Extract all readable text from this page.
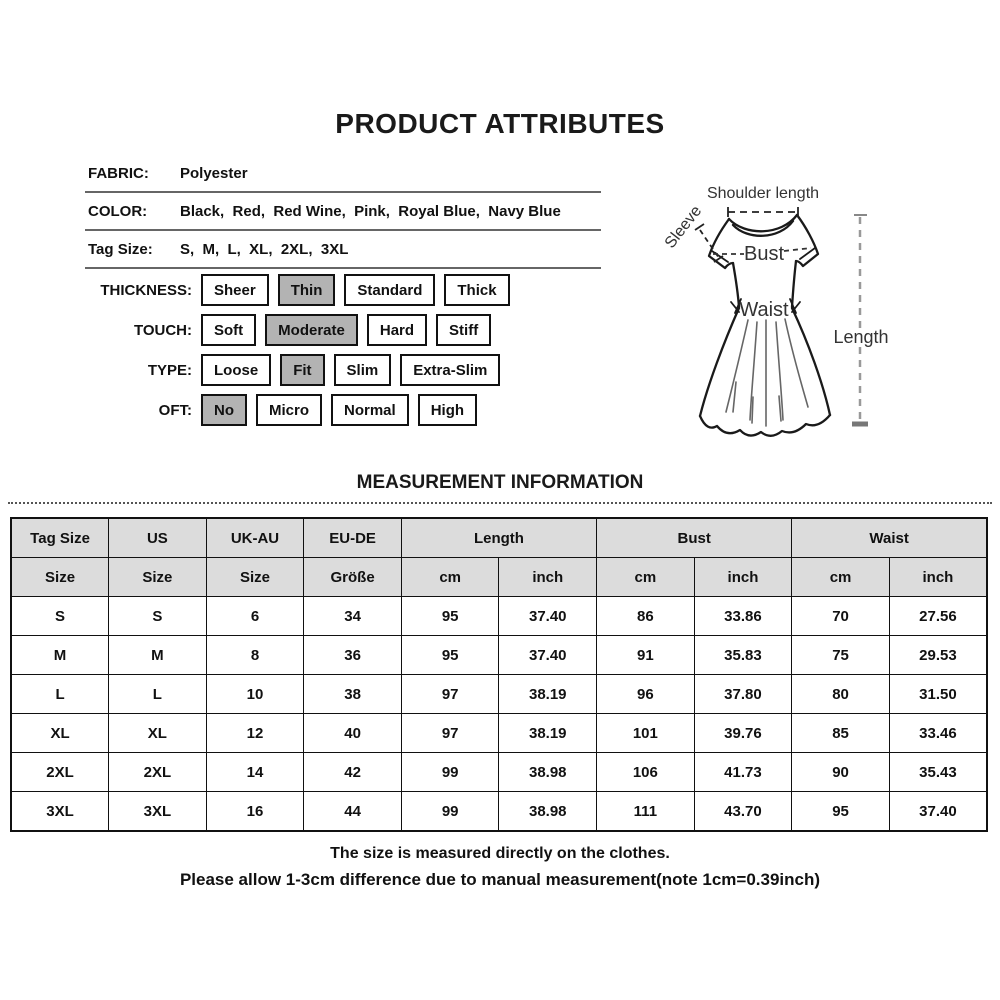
PRODUCT ATTRIBUTES
FABRIC:	Polyester
COLOR:	Black,  Red,  Red Wine,  Pink,  Royal Blue,  Navy Blue
Tag Size:	S,  M,  L,  XL,  2XL,  3XL
THICKNESS:	Sheer	Thin	Standard	Thick
TOUCH:	Soft	Moderate	Hard	Stiff
TYPE:	Loose	Fit	Slim	Extra-Slim
OFT:	No	Micro	Normal	High
Shoulder length
Sleeve
Bust
Waist
Length
MEASUREMENT INFORMATION
Tag Size	US	UK-AU	EU-DE	Length		Bust		Waist	
Size	Size	Size	Größe	cm	inch	cm	inch	cm	inch
S	S	6	34	95	37.40	86	33.86	70	27.56
M	M	8	36	95	37.40	91	35.83	75	29.53
L	L	10	38	97	38.19	96	37.80	80	31.50
XL	XL	12	40	97	38.19	101	39.76	85	33.46
2XL	2XL	14	42	99	38.98	106	41.73	90	35.43
3XL	3XL	16	44	99	38.98	111	43.70	95	37.40
The size is measured directly on the clothes.
Please allow 1-3cm difference due to manual measurement(note 1cm=0.39inch)
